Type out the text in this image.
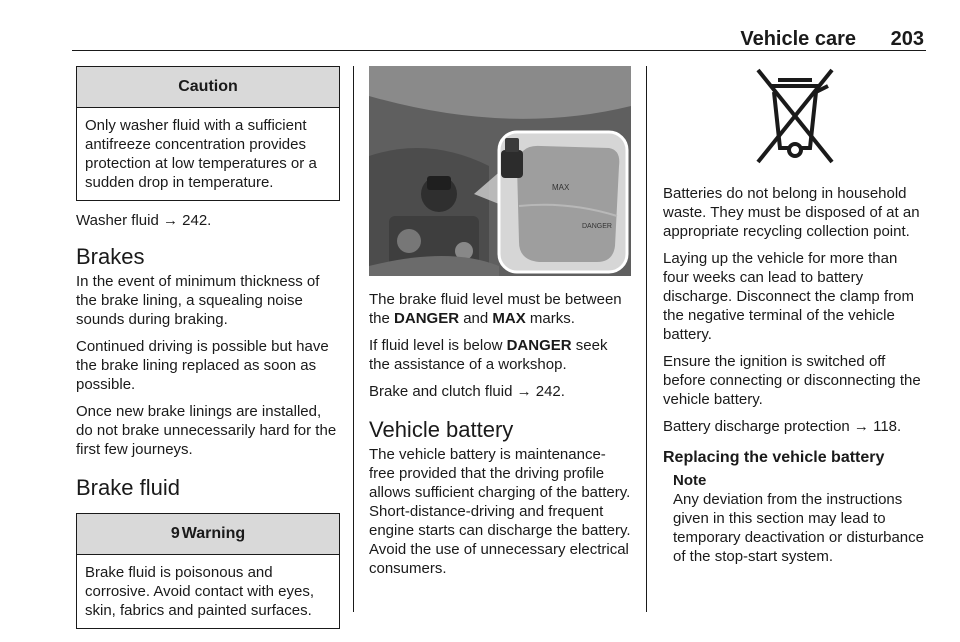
Vehicle care 203
Caution
Only washer fluid with a sufficient antifreeze concentration provides protection at low temperatures or a sudden drop in temperature.

Washer fluid → 242.

Brakes

In the event of minimum thickness of the brake lining, a squealing noise sounds during braking.

Continued driving is possible but have the brake lining replaced as soon as possible.

Once new brake linings are installed, do not brake unnecessarily hard for the first few journeys.

Brake fluid
9 Warning
Brake fluid is poisonous and corrosive. Avoid contact with eyes, skin, fabrics and painted surfaces.
MAX
DANGER

The brake fluid level must be between the DANGER and MAX marks.

If fluid level is below DANGER seek the assistance of a workshop.

Brake and clutch fluid → 242.

Vehicle battery

The vehicle battery is maintenance-free provided that the driving profile allows sufficient charging of the battery. Short-distance-driving and frequent engine starts can discharge the battery. Avoid the use of unnecessary electrical consumers.

Batteries do not belong in household waste. They must be disposed of at an appropriate recycling collection point.

Laying up the vehicle for more than four weeks can lead to battery discharge. Disconnect the clamp from the negative terminal of the vehicle battery.

Ensure the ignition is switched off before connecting or disconnecting the vehicle battery.

Battery discharge protection → 118.

Replacing the vehicle battery
Note
Any deviation from the instructions given in this section may lead to temporary deactivation or disturbance of the stop-start system.
